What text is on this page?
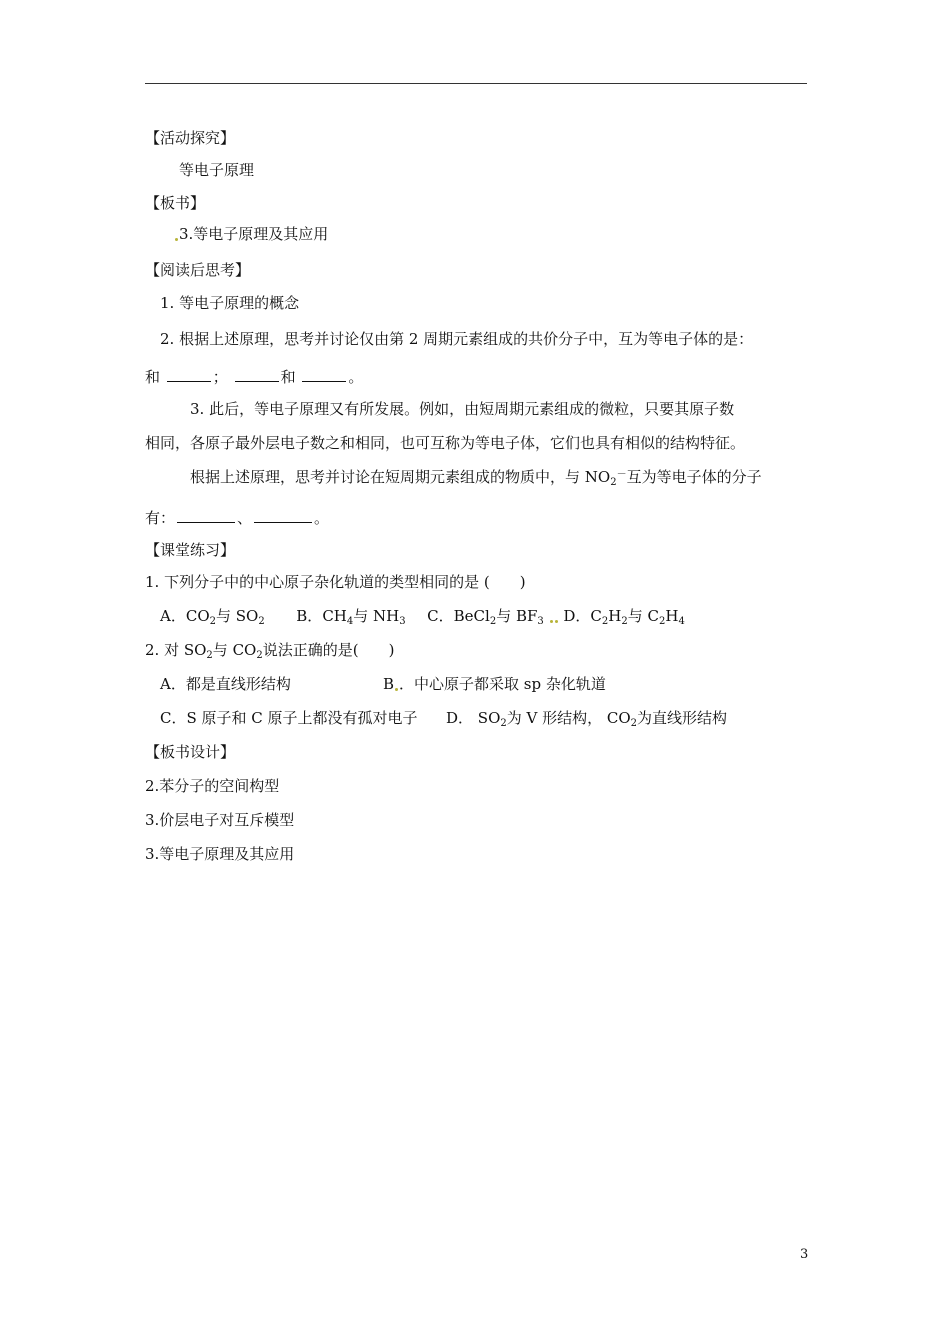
【活动探究】
等电子原理
【板书】
3.等电子原理及其应用
【阅读后思考】
1. 等电子原理的概念
2. 根据上述原理，思考并讨论仅由第 2 周期元素组成的共价分子中，互为等电子体的是：
和	；	和	。
3. 此后，等电子原理又有所发展。例如，由短周期元素组成的微粒，只要其原子数
相同，各原子最外层电子数之和相同，也可互称为等电子体，它们也具有相似的结构特征。
根据上述原理，思考并讨论在短周期元素组成的物质中，与 $NO_2^-$互为等电子体的分子
有：	、	。
【课堂练习】
1. 下列分子中的中心原子杂化轨道的类型相同的是 (　　)
A．$CO_2$与 $SO_2$ B．$CH_4$与 $NH_3$ C．BeCl$_2$与 $BF_3$ D．$C_2H_2$与 $C_2H_4$
2. 对 $SO_2$与 $CO_2$说法正确的是(　　)
A．都是直线形结构	B ．中心原子都采取 sp 杂化轨道
C．S 原子和 C 原子上都没有孤对电子 D． $SO_2$为 V 形结构， $CO_2$为直线形结构
【板书设计】
2.苯分子的空间构型
3.价层电子对互斥模型
3.等电子原理及其应用
3
